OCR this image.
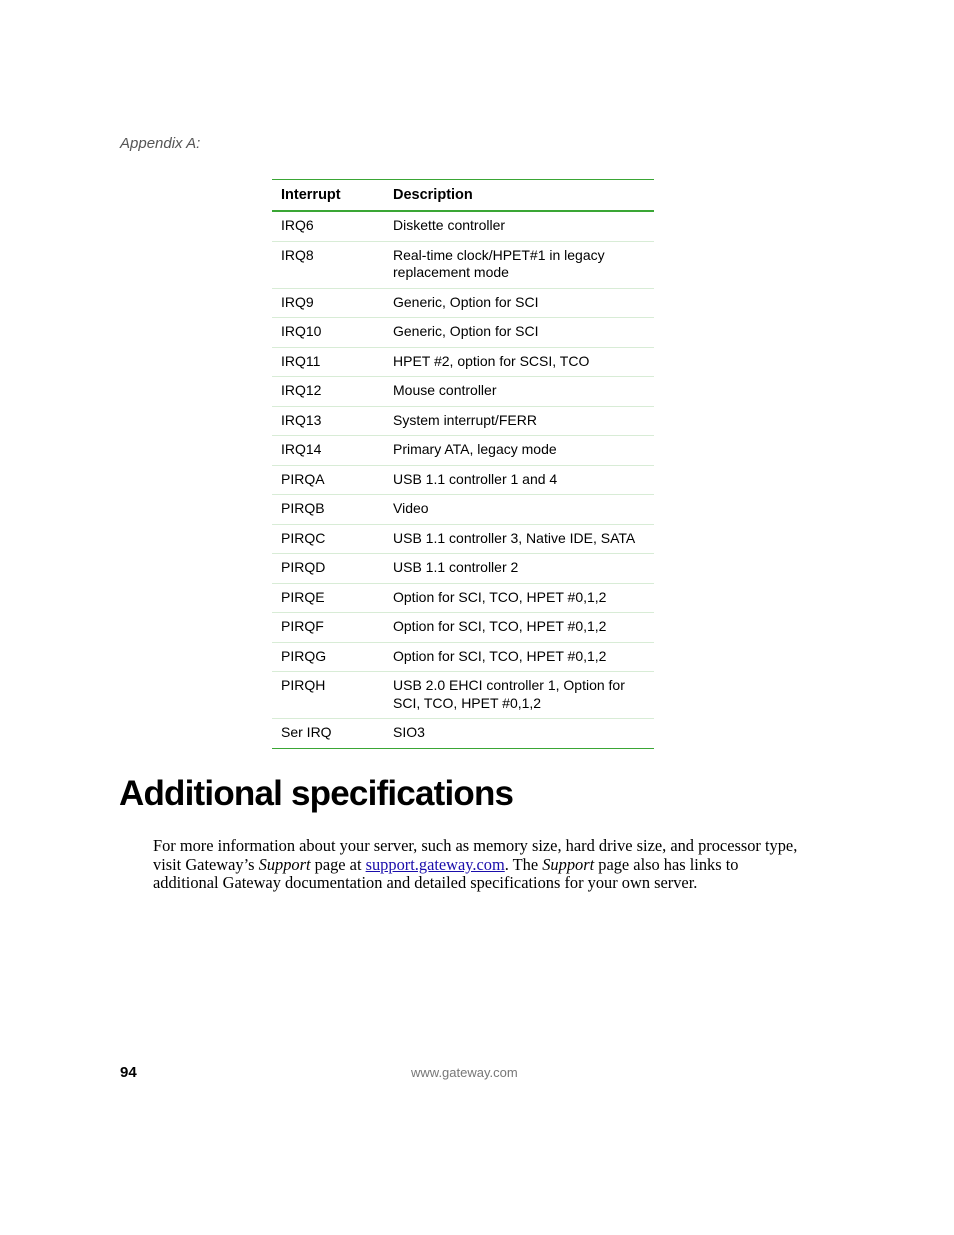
Appendix A:
Interrupt	Description
IRQ6	Diskette controller
IRQ8	Real-time clock/HPET#1 in legacy replacement mode
IRQ9	Generic, Option for SCI
IRQ10	Generic, Option for SCI
IRQ11	HPET #2, option for SCSI, TCO
IRQ12	Mouse controller
IRQ13	System interrupt/FERR
IRQ14	Primary ATA, legacy mode
PIRQA	USB 1.1 controller 1 and 4
PIRQB	Video
PIRQC	USB 1.1 controller 3, Native IDE, SATA
PIRQD	USB 1.1 controller 2
PIRQE	Option for SCI, TCO, HPET #0,1,2
PIRQF	Option for SCI, TCO, HPET #0,1,2
PIRQG	Option for SCI, TCO, HPET #0,1,2
PIRQH	USB 2.0 EHCI controller 1, Option for SCI, TCO, HPET #0,1,2
Ser IRQ	SIO3
Additional specifications

For more information about your server, such as memory size, hard drive size, and processor type, visit Gateway’s Support page at support.gateway.com. The Support page also has links to additional Gateway documentation and detailed specifications for your own server.

94	www.gateway.com
